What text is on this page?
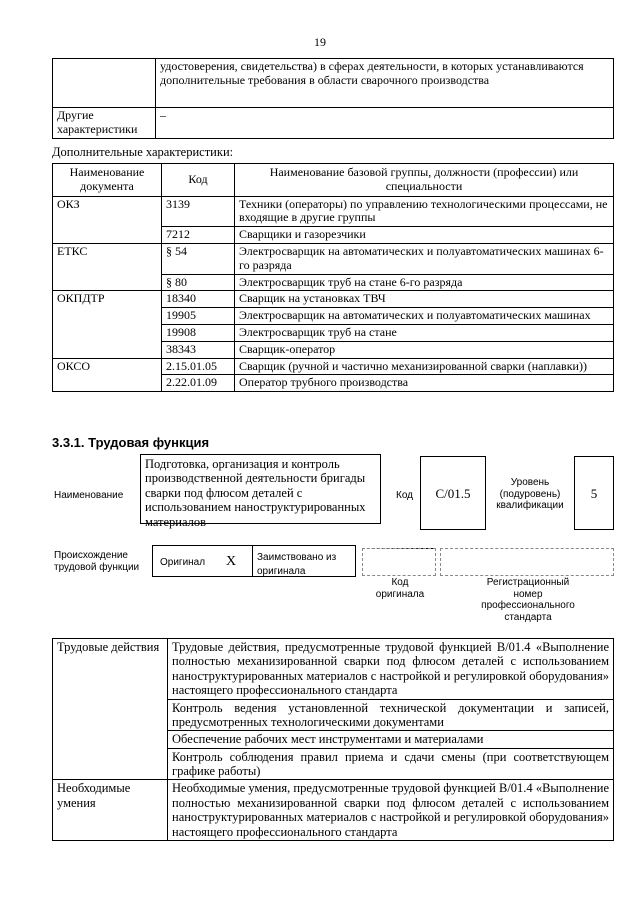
19
	удостоверения, свидетельства) в сферах деятельности, в которых устанавливаются дополнительные требования в области сварочного производства
Другие характеристики	–
Дополнительные характеристики:
Наименование документа	Код	Наименование базовой группы, должности (профессии) или специальности
ОКЗ	3139	Техники (операторы) по управлению технологическими процессами, не входящие в другие группы
	7212	Сварщики и газорезчики
ЕТКС	§ 54	Электросварщик на автоматических и полуавтоматических машинах 6-го разряда
	§ 80	Электросварщик труб на стане 6-го разряда
ОКПДТР	18340	Сварщик на установках ТВЧ
	19905	Электросварщик на автоматических и полуавтоматических машинах
	19908	Электросварщик труб на стане
	38343	Сварщик-оператор
ОКСО	2.15.01.05	Сварщик (ручной и частично механизированной сварки (наплавки))
	2.22.01.09	Оператор трубного производства
3.3.1. Трудовая функция
Наименование
Подготовка, организация и контроль производственной деятельности бригады сварки под флюсом деталей с использованием наноструктурированных материалов
Код	C/01.5
Уровень (подуровень) квалификации
5
Происхождение трудовой функции	Оригинал X	Заимствовано из оригинала
Код оригинала
Регистрационный номер профессионального стандарта
Трудовые действия	Трудовые действия, предусмотренные трудовой функцией В/01.4 «Выполнение полностью механизированной сварки под флюсом деталей с использованием наноструктурированных материалов с настройкой и регулировкой оборудования» настоящего профессионального стандарта
	Контроль ведения установленной технической документации и записей, предусмотренных технологическими документами
	Обеспечение рабочих мест инструментами и материалами
	Контроль соблюдения правил приема и сдачи смены (при соответствующем графике работы)
Необходимые умения	Необходимые умения, предусмотренные трудовой функцией В/01.4 «Выполнение полностью механизированной сварки под флюсом деталей с использованием наноструктурированных материалов с настройкой и регулировкой оборудования» настоящего профессионального стандарта
